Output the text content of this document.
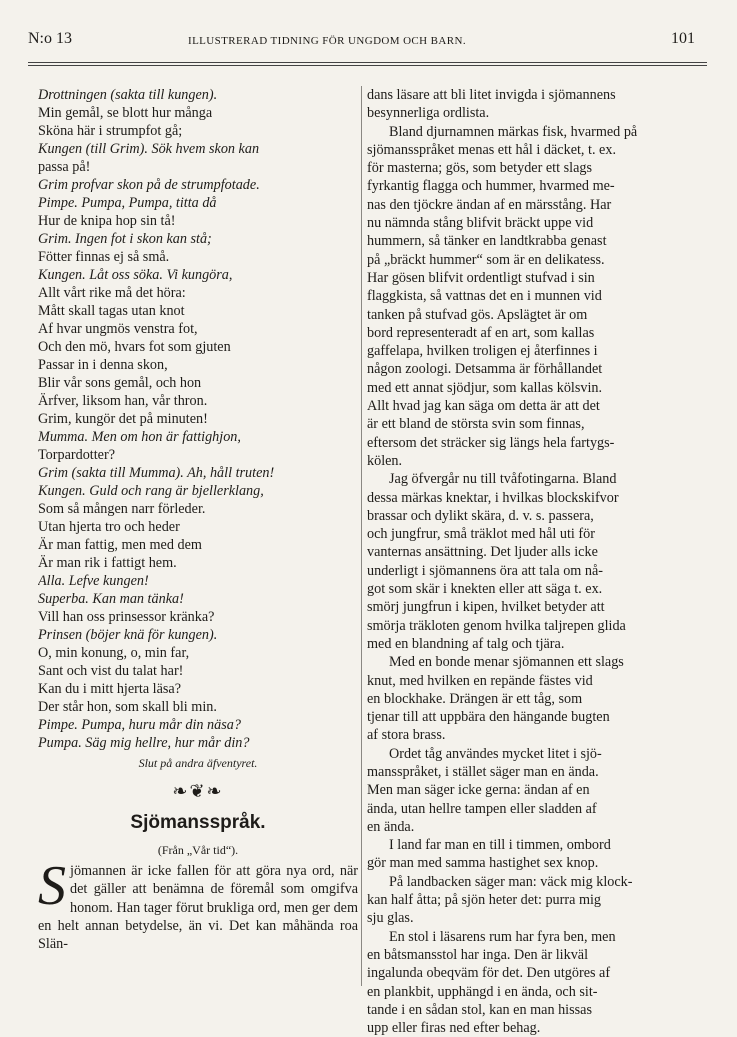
N:o 13	ILLUSTRERAD TIDNING FÖR UNGDOM OCH BARN.	101
Drottningen (sakta till kungen).
Min gemål, se blott hur många
Sköna här i strumpfot gå;
Kungen (till Grim). Sök hvem skon kan
passa på!
Grim profvar skon på de strumpfotade.
Pimpe. Pumpa, Pumpa, titta då
Hur de knipa hop sin tå!
Grim. Ingen fot i skon kan stå;
Fötter finnas ej så små.
Kungen. Låt oss söka. Vi kungöra,
Allt vårt rike må det höra:
Mått skall tagas utan knot
Af hvar ungmös venstra fot,
Och den mö, hvars fot som gjuten
Passar in i denna skon,
Blir vår sons gemål, och hon
Ärfver, liksom han, vår thron.
Grim, kungör det på minuten!
Mumma. Men om hon är fattighjon,
Torpardotter?
Grim (sakta till Mumma). Ah, håll truten!
Kungen. Guld och rang är bjellerklang,
Som så mången narr förleder.
Utan hjerta tro och heder
Är man fattig, men med dem
Är man rik i fattigt hem.
Alla. Lefve kungen!
Superba. Kan man tänka!
Vill han oss prinsessor kränka?
Prinsen (böjer knä för kungen).
O, min konung, o, min far,
Sant och vist du talat har!
Kan du i mitt hjerta läsa?
Der står hon, som skall bli min.
Pimpe. Pumpa, huru mår din näsa?
Pumpa. Säg mig hellre, hur mår din?
Slut på andra äfventyret.
❧❦❧
Sjömansspråk.
(Från „Vår tid“).
Sjömannen är icke fallen för att göra nya ord, när det gäller att benämna de föremål som omgifva honom. Han tager förut brukliga ord, men ger dem en helt annan betydelse, än vi. Det kan måhända roa Slän-
dans läsare att bli litet invigda i sjömannens
besynnerliga ordlista.
Bland djurnamnen märkas fisk, hvarmed på
sjömansspråket menas ett hål i däcket, t. ex.
för masterna; gös, som betyder ett slags
fyrkantig flagga och hummer, hvarmed me-
nas den tjöckre ändan af en märsstång. Har
nu nämnda stång blifvit bräckt uppe vid
hummern, så tänker en landtkrabba genast
på „bräckt hummer“ som är en delikatess.
Har gösen blifvit ordentligt stufvad i sin
flaggkista, så vattnas det en i munnen vid
tanken på stufvad gös. Apslägtet är om
bord representeradt af en art, som kallas
gaffelapa, hvilken troligen ej återfinnes i
någon zoologi. Detsamma är förhållandet
med ett annat sjödjur, som kallas kölsvin.
Allt hvad jag kan säga om detta är att det
är ett bland de största svin som finnas,
eftersom det sträcker sig längs hela fartygs-
kölen.
Jag öfvergår nu till tvåfotingarna. Bland
dessa märkas knektar, i hvilkas blockskifvor
brassar och dylikt skära, d. v. s. passera,
och jungfrur, små träklot med hål uti för
vanternas ansättning. Det ljuder alls icke
underligt i sjömannens öra att tala om nå-
got som skär i knekten eller att säga t. ex.
smörj jungfrun i kipen, hvilket betyder att
smörja träkloten genom hvilka taljrepen glida
med en blandning af talg och tjära.
Med en bonde menar sjömannen ett slags
knut, med hvilken en repände fästes vid
en blockhake. Drängen är ett tåg, som
tjenar till att uppbära den hängande bugten
af stora brass.
Ordet tåg användes mycket litet i sjö-
mansspråket, i stället säger man en ända.
Men man säger icke gerna: ändan af en
ända, utan hellre tampen eller sladden af
en ända.
I land far man en till i timmen, ombord
gör man med samma hastighet sex knop.
På landbacken säger man: väck mig klock-
kan half åtta; på sjön heter det: purra mig
sju glas.
En stol i läsarens rum har fyra ben, men
en båtsmansstol har inga. Den är likväl
ingalunda obeqväm för det. Den utgöres af
en plankbit, upphängd i en ända, och sit-
tande i en sådan stol, kan en man hissas
upp eller firas ned efter behag.
